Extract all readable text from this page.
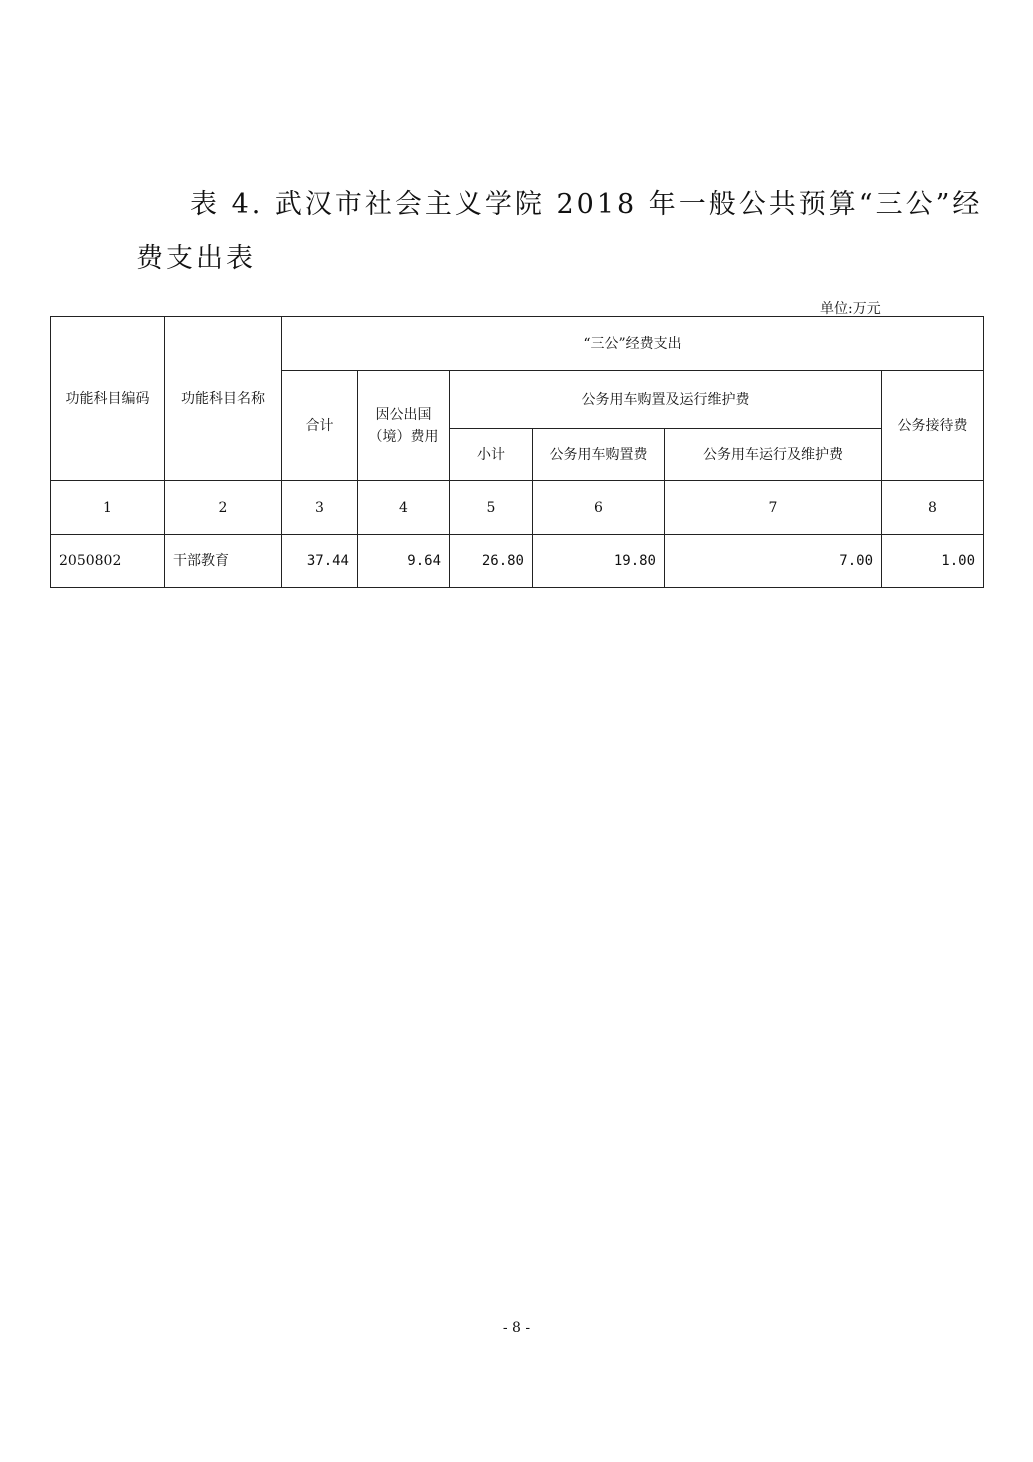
表 4. 武汉市社会主义学院 2018 年一般公共预算“三公”经
费支出表
单位:万元
功能科目编码	功能科目名称	“三公”经费支出					
		合计	因公出国（境）费用	公务用车购置及运行维护费			公务接待费
				小计	公务用车购置费	公务用车运行及维护费	
1	2	3	4	5	6	7	8
2050802	干部教育	37.44	9.64	26.80	19.80	7.00	1.00
- 8 -
